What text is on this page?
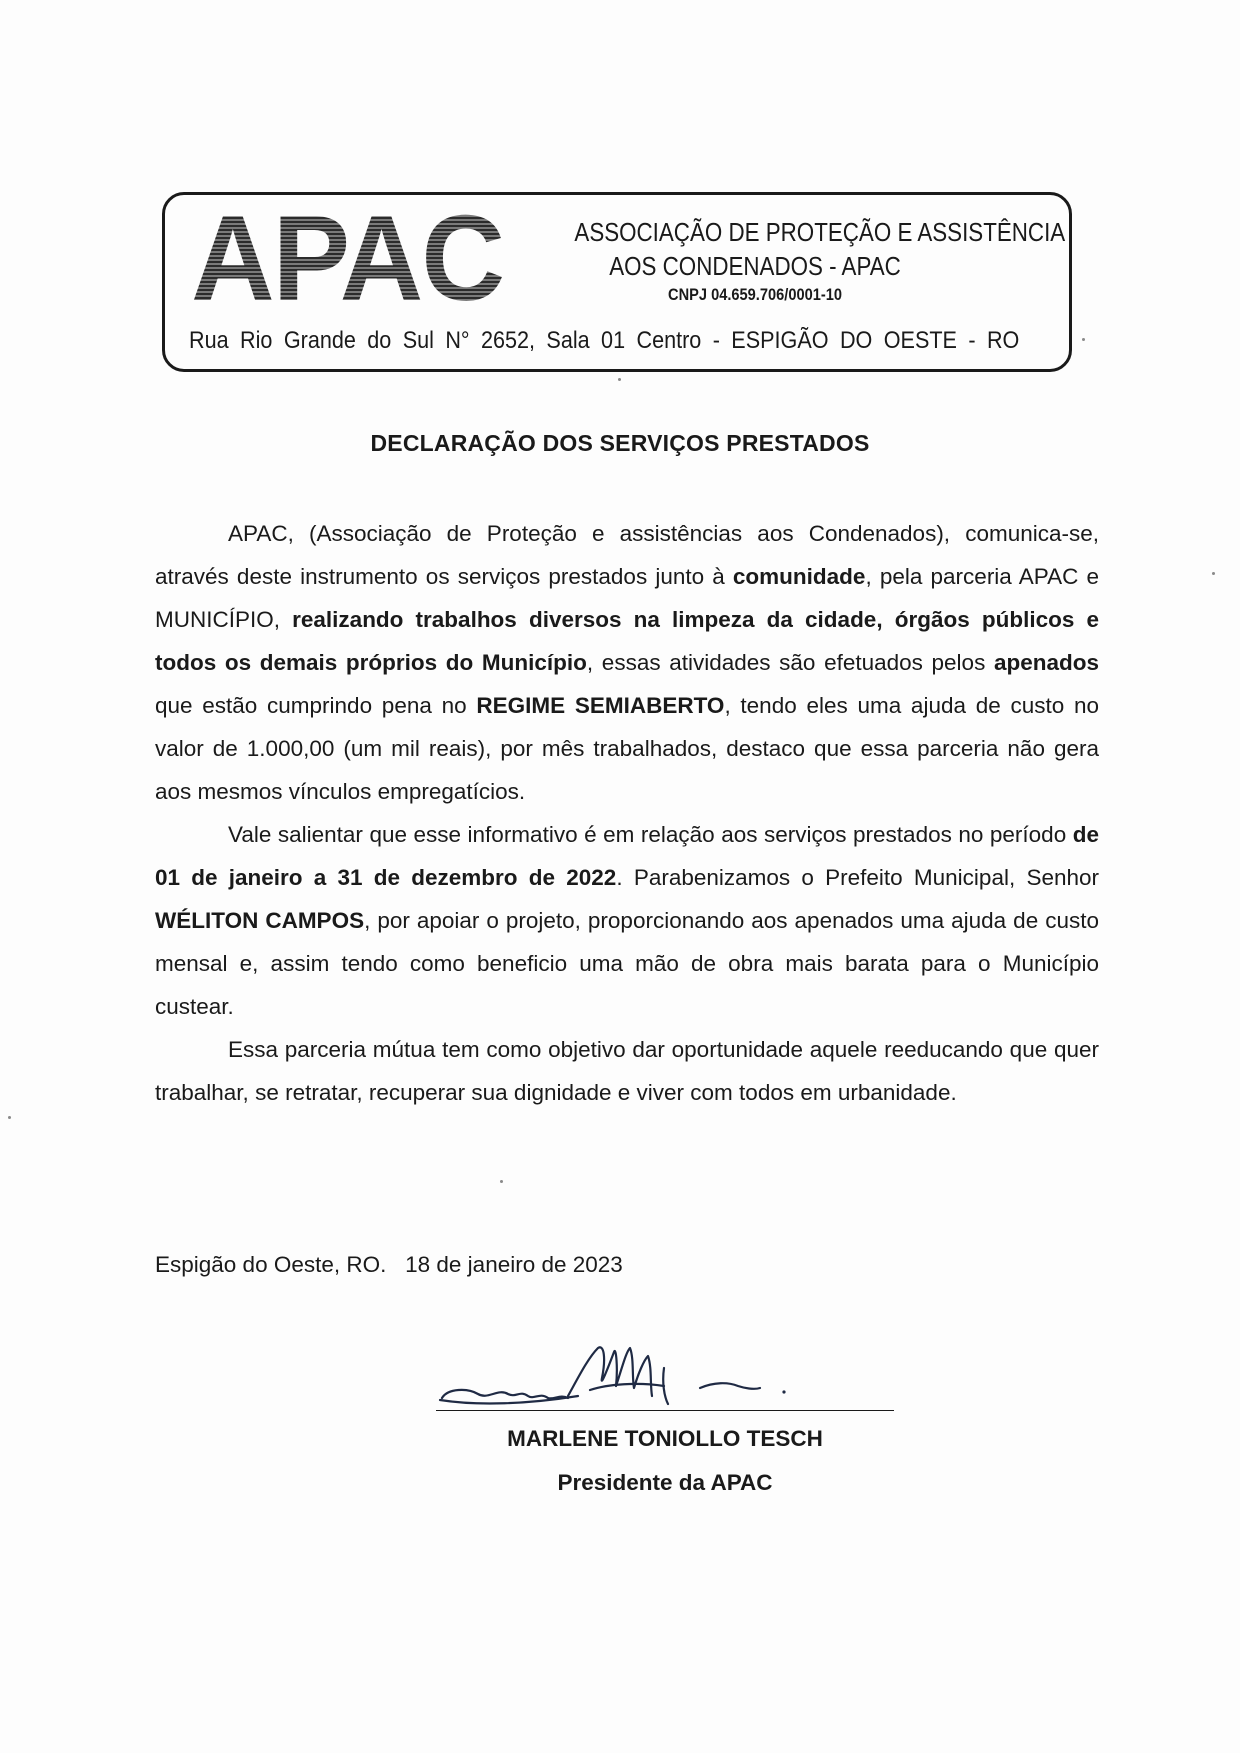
APAC	ASSOCIAÇÃO DE PROTEÇÃO E ASSISTÊNCIA
AOS CONDENADOS - APAC
CNPJ 04.659.706/0001-10
Rua Rio Grande do Sul N° 2652, Sala 01 Centro - ESPIGÃO DO OESTE - RO
DECLARAÇÃO DOS SERVIÇOS PRESTADOS

APAC, (Associação de Proteção e assistências aos Condenados), comunica-se, através deste instrumento os serviços prestados junto à comunidade, pela parceria APAC e MUNICÍPIO, realizando trabalhos diversos na limpeza da cidade, órgãos públicos e todos os demais próprios do Município, essas atividades são efetuados pelos apenados que estão cumprindo pena no REGIME SEMIABERTO, tendo eles uma ajuda de custo no valor de 1.000,00 (um mil reais), por mês trabalhados, destaco que essa parceria não gera aos mesmos vínculos empregatícios.

Vale salientar que esse informativo é em relação aos serviços prestados no período de 01 de janeiro a 31 de dezembro de 2022. Parabenizamos o Prefeito Municipal, Senhor WÉLITON CAMPOS, por apoiar o projeto, proporcionando aos apenados uma ajuda de custo mensal e, assim tendo como beneficio uma mão de obra mais barata para o Município custear.

Essa parceria mútua tem como objetivo dar oportunidade aquele reeducando que quer trabalhar, se retratar, recuperar sua dignidade e viver com todos em urbanidade.

Espigão do Oeste, RO.   18 de janeiro de 2023
MARLENE TONIOLLO TESCH
Presidente da APAC
